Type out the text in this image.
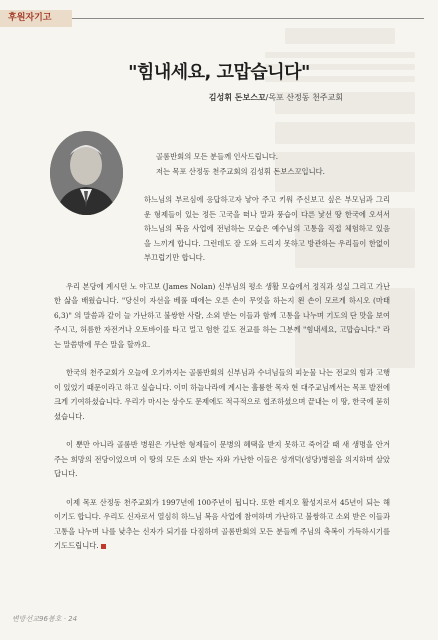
후원자기고
"힘내세요, 고맙습니다"
김성휘 돈보스꼬/목포 산정동 천주교회

골롬반회의 모든 분들께 인사드립니다.

저는 목포 산정동 천주교회의 김성휘 돈보스꼬입니다.

하느님의 부르심에 응답하고자 낳아 주고 키워 주신보고 싶은 부모님과 그리운 형제들이 있는 정든 고국을 떠나 말과 풍습이 다른 낯선 땅 한국에 오셔서 하느님의 복음 사업에 전념하는 모습은 예수님의 고통을 직접 체험하고 있음을 느끼게 합니다. 그런데도 잘 도와 드리지 못하고 방관하는 우리들이 한없이 부끄럽기만 합니다.

우리 본당에 계시던 노 야고보 (James Nolan) 신부님의 평소 생활 모습에서 정직과 성실 그리고 가난한 삶을 배웠습니다. "당신이 자선을 베풀 때에는 오른 손이 무엇을 하는지 왼 손이 모르게 하시오 (마태 6,3)" 의 말씀과 같이 늘 가난하고 불쌍한 사람, 소외 받는 이들과 함께 고통을 나누며 기도의 단 맛을 보여주시고, 허름한 자전거나 오토바이를 타고 멀고 험한 길도 전교를 하는 그분께 "힘내세요, 고맙습니다." 라는 말씀밖에 무슨 말을 할까요.

한국의 천주교회가 오늘에 오기까지는 골롬반회의 신부님과 수녀님들의 피눈물 나는 전교의 힘과 고행이 있었기 때문이라고 하고 싶습니다. 이미 하늘나라에 계시는 훌륭한 목자 현 대주교님께서는 목포 발전에 크게 기여하셨습니다. 우리가 마시는 상수도 문제에도 적극적으로 협조하셨으며 끝내는 이 땅, 한국에 묻히셨습니다.

이 뿐만 아니라 골롬반 병원은 가난한 형제들이 문병의 혜택을 받지 못하고 죽어갈 때 새 생명을 안겨 주는 희망의 전당이었으며 이 땅의 모든 소외 받는 자와 가난한 이들은 성개덕(성당)병원을 의지하며 살았답니다.

이제 목포 산정동 천주교회가 1997년에 100주년이 됩니다. 또한 레지오 활성지로서 45년이 되는 해이기도 합니다. 우리도 신자로서 열심히 하느님 복음 사업에 참여하며 가난하고 불쌍하고 소외 받은 이들과 고통을 나누며 나를 낮추는 신자가 되기를 다짐하며 골롬반회의 모든 분들께 주님의 축복이 가득하시기를 기도드립니다.

변방선교96봄호 · 24
